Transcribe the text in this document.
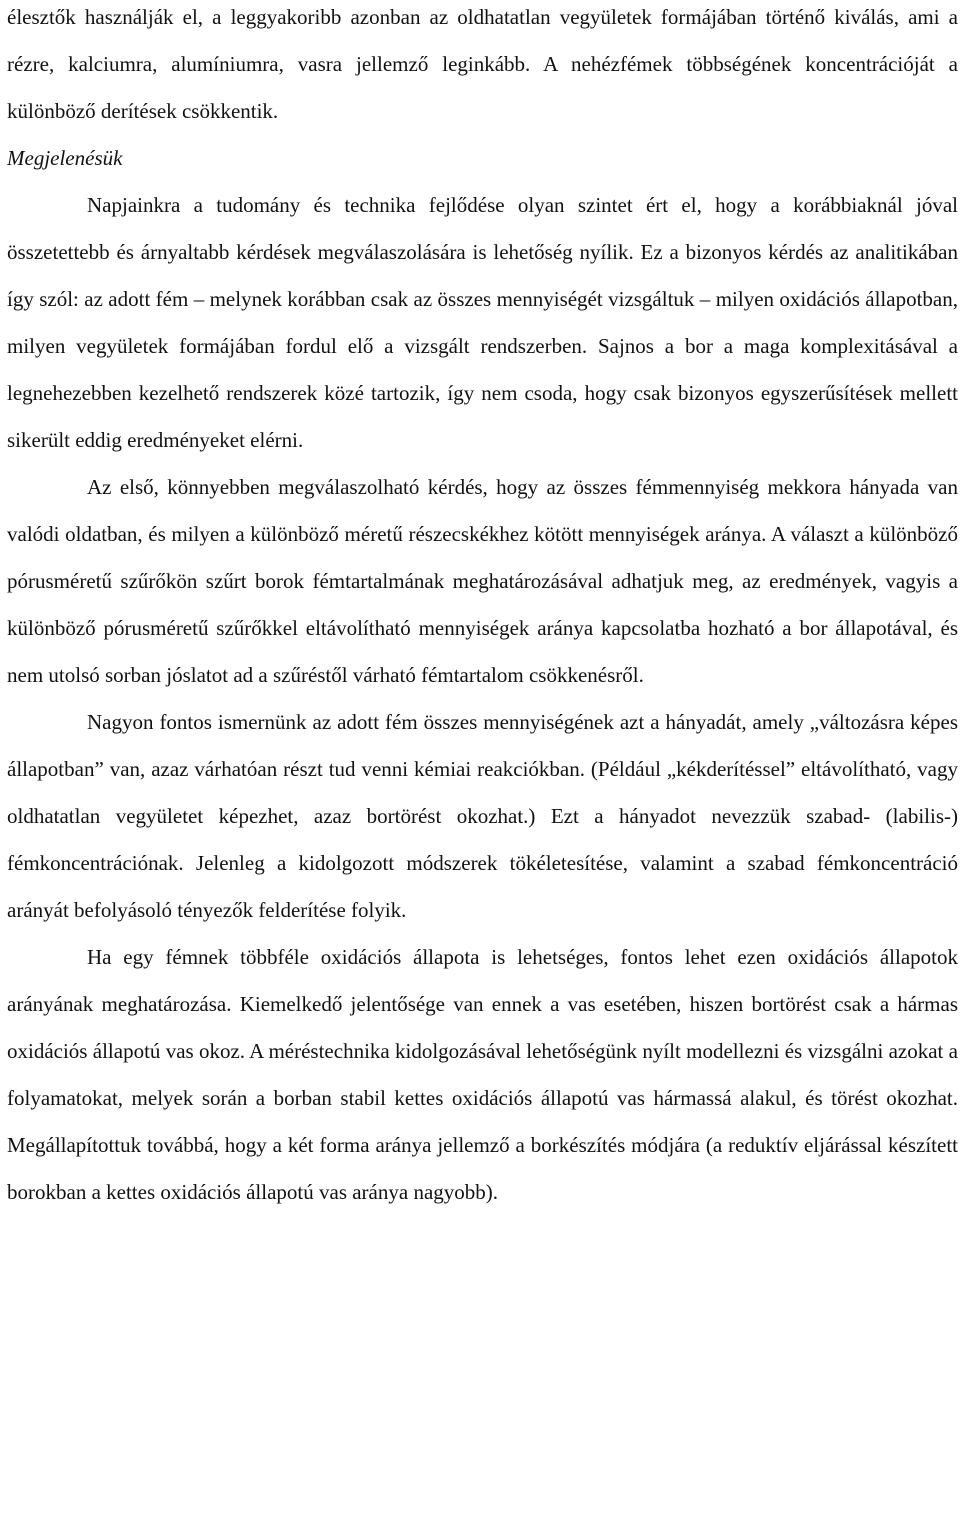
élesztők használják el, a leggyakoribb azonban az oldhatatlan vegyületek formájában történő kiválás, ami a rézre, kalciumra, alumíniumra, vasra jellemző leginkább. A nehézfémek többségének koncentrációját a különböző derítések csökkentik.

Megjelenésük

Napjainkra a tudomány és technika fejlődése olyan szintet ért el, hogy a korábbiaknál jóval összetettebb és árnyaltabb kérdések megválaszolására is lehetőség nyílik. Ez a bizonyos kérdés az analitikában így szól: az adott fém – melynek korábban csak az összes mennyiségét vizsgáltuk – milyen oxidációs állapotban, milyen vegyületek formájában fordul elő a vizsgált rendszerben. Sajnos a bor a maga komplexitásával a legnehezebben kezelhető rendszerek közé tartozik, így nem csoda, hogy csak bizonyos egyszerűsítések mellett sikerült eddig eredményeket elérni.

Az első, könnyebben megválaszolható kérdés, hogy az összes fémmennyiség mekkora hányada van valódi oldatban, és milyen a különböző méretű részecskékhez kötött mennyiségek aránya. A választ a különböző pórusméretű szűrőkön szűrt borok fémtartalmának meghatározásával adhatjuk meg, az eredmények, vagyis a különböző pórusméretű szűrőkkel eltávolítható mennyiségek aránya kapcsolatba hozható a bor állapotával, és nem utolsó sorban jóslatot ad a szűréstől várható fémtartalom csökkenésről.

Nagyon fontos ismernünk az adott fém összes mennyiségének azt a hányadát, amely „változásra képes állapotban” van, azaz várhatóan részt tud venni kémiai reakciókban. (Például „kékderítéssel” eltávolítható, vagy oldhatatlan vegyületet képezhet, azaz bortörést okozhat.) Ezt a hányadot nevezzük szabad- (labilis-) fémkoncentrációnak. Jelenleg a kidolgozott módszerek tökéletesítése, valamint a szabad fémkoncentráció arányát befolyásoló tényezők felderítése folyik.

Ha egy fémnek többféle oxidációs állapota is lehetséges, fontos lehet ezen oxidációs állapotok arányának meghatározása. Kiemelkedő jelentősége van ennek a vas esetében, hiszen bortörést csak a hármas oxidációs állapotú vas okoz. A méréstechnika kidolgozásával lehetőségünk nyílt modellezni és vizsgálni azokat a folyamatokat, melyek során a borban stabil kettes oxidációs állapotú vas hármassá alakul, és törést okozhat. Megállapítottuk továbbá, hogy a két forma aránya jellemző a borkészítés módjára (a reduktív eljárással készített borokban a kettes oxidációs állapotú vas aránya nagyobb).
